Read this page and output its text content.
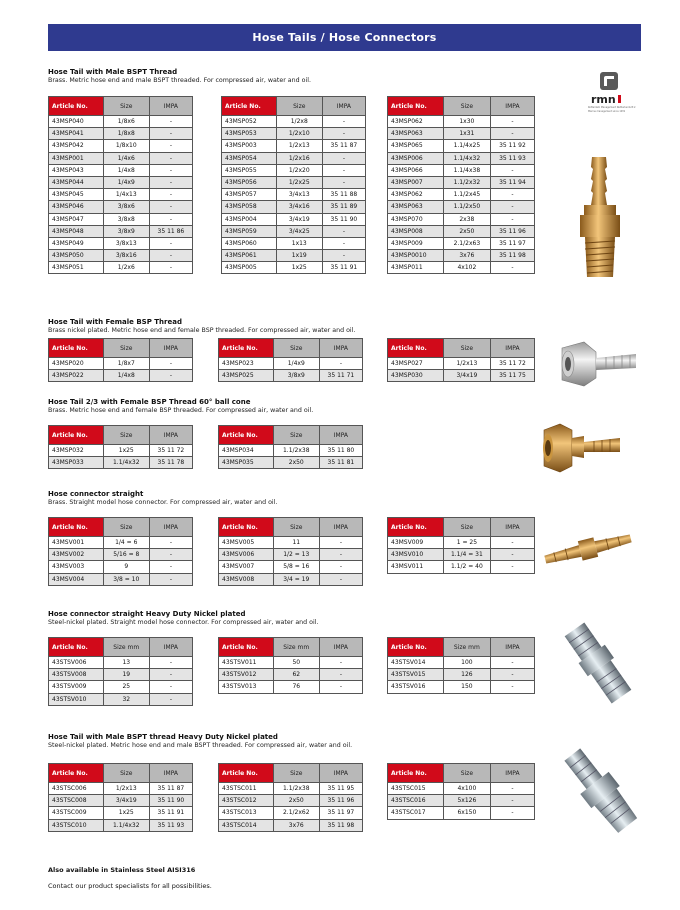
Hose Tails / Hose Connectors
rmn
Rotterdam Management Netherlands B.V.
Marine management since 1931
Hose Tail with Male BSPT Thread
Brass. Metric hose end and male BSPT threaded. For compressed air, water and oil.
Article No.	Size	IMPA
43MSP040	1/8x6	-
43MSP041	1/8x8	-
43MSP042	1/8x10	-
43MSP001	1/4x6	-
43MSP043	1/4x8	-
43MSP044	1/4x9	-
43MSP045	1/4x13	-
43MSP046	3/8x6	-
43MSP047	3/8x8	-
43MSP048	3/8x9	35 11 86
43MSP049	3/8x13	-
43MSP050	3/8x16	-
43MSP051	1/2x6	-
Article No.	Size	IMPA
43MSP052	1/2x8	-
43MSP053	1/2x10	-
43MSP003	1/2x13	35 11 87
43MSP054	1/2x16	-
43MSP055	1/2x20	-
43MSP056	1/2x25	-
43MSP057	3/4x13	35 11 88
43MSP058	3/4x16	35 11 89
43MSP004	3/4x19	35 11 90
43MSP059	3/4x25	-
43MSP060	1x13	-
43MSP061	1x19	-
43MSP005	1x25	35 11 91
Article No.	Size	IMPA
43MSP062	1x30	-
43MSP063	1x31	-
43MSP065	1.1/4x25	35 11 92
43MSP006	1.1/4x32	35 11 93
43MSP066	1.1/4x38	-
43MSP007	1.1/2x32	35 11 94
43MSP062	1.1/2x45	-
43MSP063	1.1/2x50	-
43MSP070	2x38	-
43MSP008	2x50	35 11 96
43MSP009	2.1/2x63	35 11 97
43MSP0010	3x76	35 11 98
43MSP011	4x102	-
Hose Tail with Female BSP Thread
Brass nickel plated. Metric hose end and female BSP threaded. For compressed air, water and oil.
Article No.	Size	IMPA
43MSP020	1/8x7	-
43MSP022	1/4x8	-
Article No.	Size	IMPA
43MSP023	1/4x9	-
43MSP025	3/8x9	35 11 71
Article No.	Size	IMPA
43MSP027	1/2x13	35 11 72
43MSP030	3/4x19	35 11 75
Hose Tail 2/3 with Female BSP Thread 60° ball cone
Brass. Metric hose end and female BSP threaded. For compressed air, water and oil.
Article No.	Size	IMPA
43MSP032	1x25	35 11 72
43MSP033	1.1/4x32	35 11 78
Article No.	Size	IMPA
43MSP034	1.1/2x38	35 11 80
43MSP035	2x50	35 11 81
Hose connector straight
Brass. Straight model hose connector. For compressed air, water and oil.
Article No.	Size	IMPA
43MSV001	1/4 = 6	-
43MSV002	5/16 = 8	-
43MSV003	9	-
43MSV004	3/8 = 10	-
Article No.	Size	IMPA
43MSV005	11	-
43MSV006	1/2 = 13	-
43MSV007	5/8 = 16	-
43MSV008	3/4 = 19	-
Article No.	Size	IMPA
43MSV009	1 = 25	-
43MSV010	1.1/4 = 31	-
43MSV011	1.1/2 = 40	-
Hose connector straight Heavy Duty Nickel plated
Steel-nickel plated. Straight model hose connector. For compressed air, water and oil.
Article No.	Size mm	IMPA
43STSV006	13	-
43STSV008	19	-
43STSV009	25	-
43STSV010	32	-
Article No.	Size mm	IMPA
43STSV011	50	-
43STSV012	62	-
43STSV013	76	-
Article No.	Size mm	IMPA
43STSV014	100	-
43STSV015	126	-
43STSV016	150	-
Hose Tail with Male BSPT thread Heavy Duty Nickel plated
Steel-nickel plated. Metric hose end and male BSPT threaded. For compressed air, water and oil.
Article No.	Size	IMPA
43STSC006	1/2x13	35 11 87
43STSC008	3/4x19	35 11 90
43STSC009	1x25	35 11 91
43STSC010	1.1/4x32	35 11 93
Article No.	Size	IMPA
43STSC011	1.1/2x38	35 11 95
43STSC012	2x50	35 11 96
43STSC013	2.1/2x62	35 11 97
43STSC014	3x76	35 11 98
Article No.	Size	IMPA
43STSC015	4x100	-
43STSC016	5x126	-
43STSC017	6x150	-
Also available in Stainless Steel AISI316
Contact our product specialists for all possibilities.
